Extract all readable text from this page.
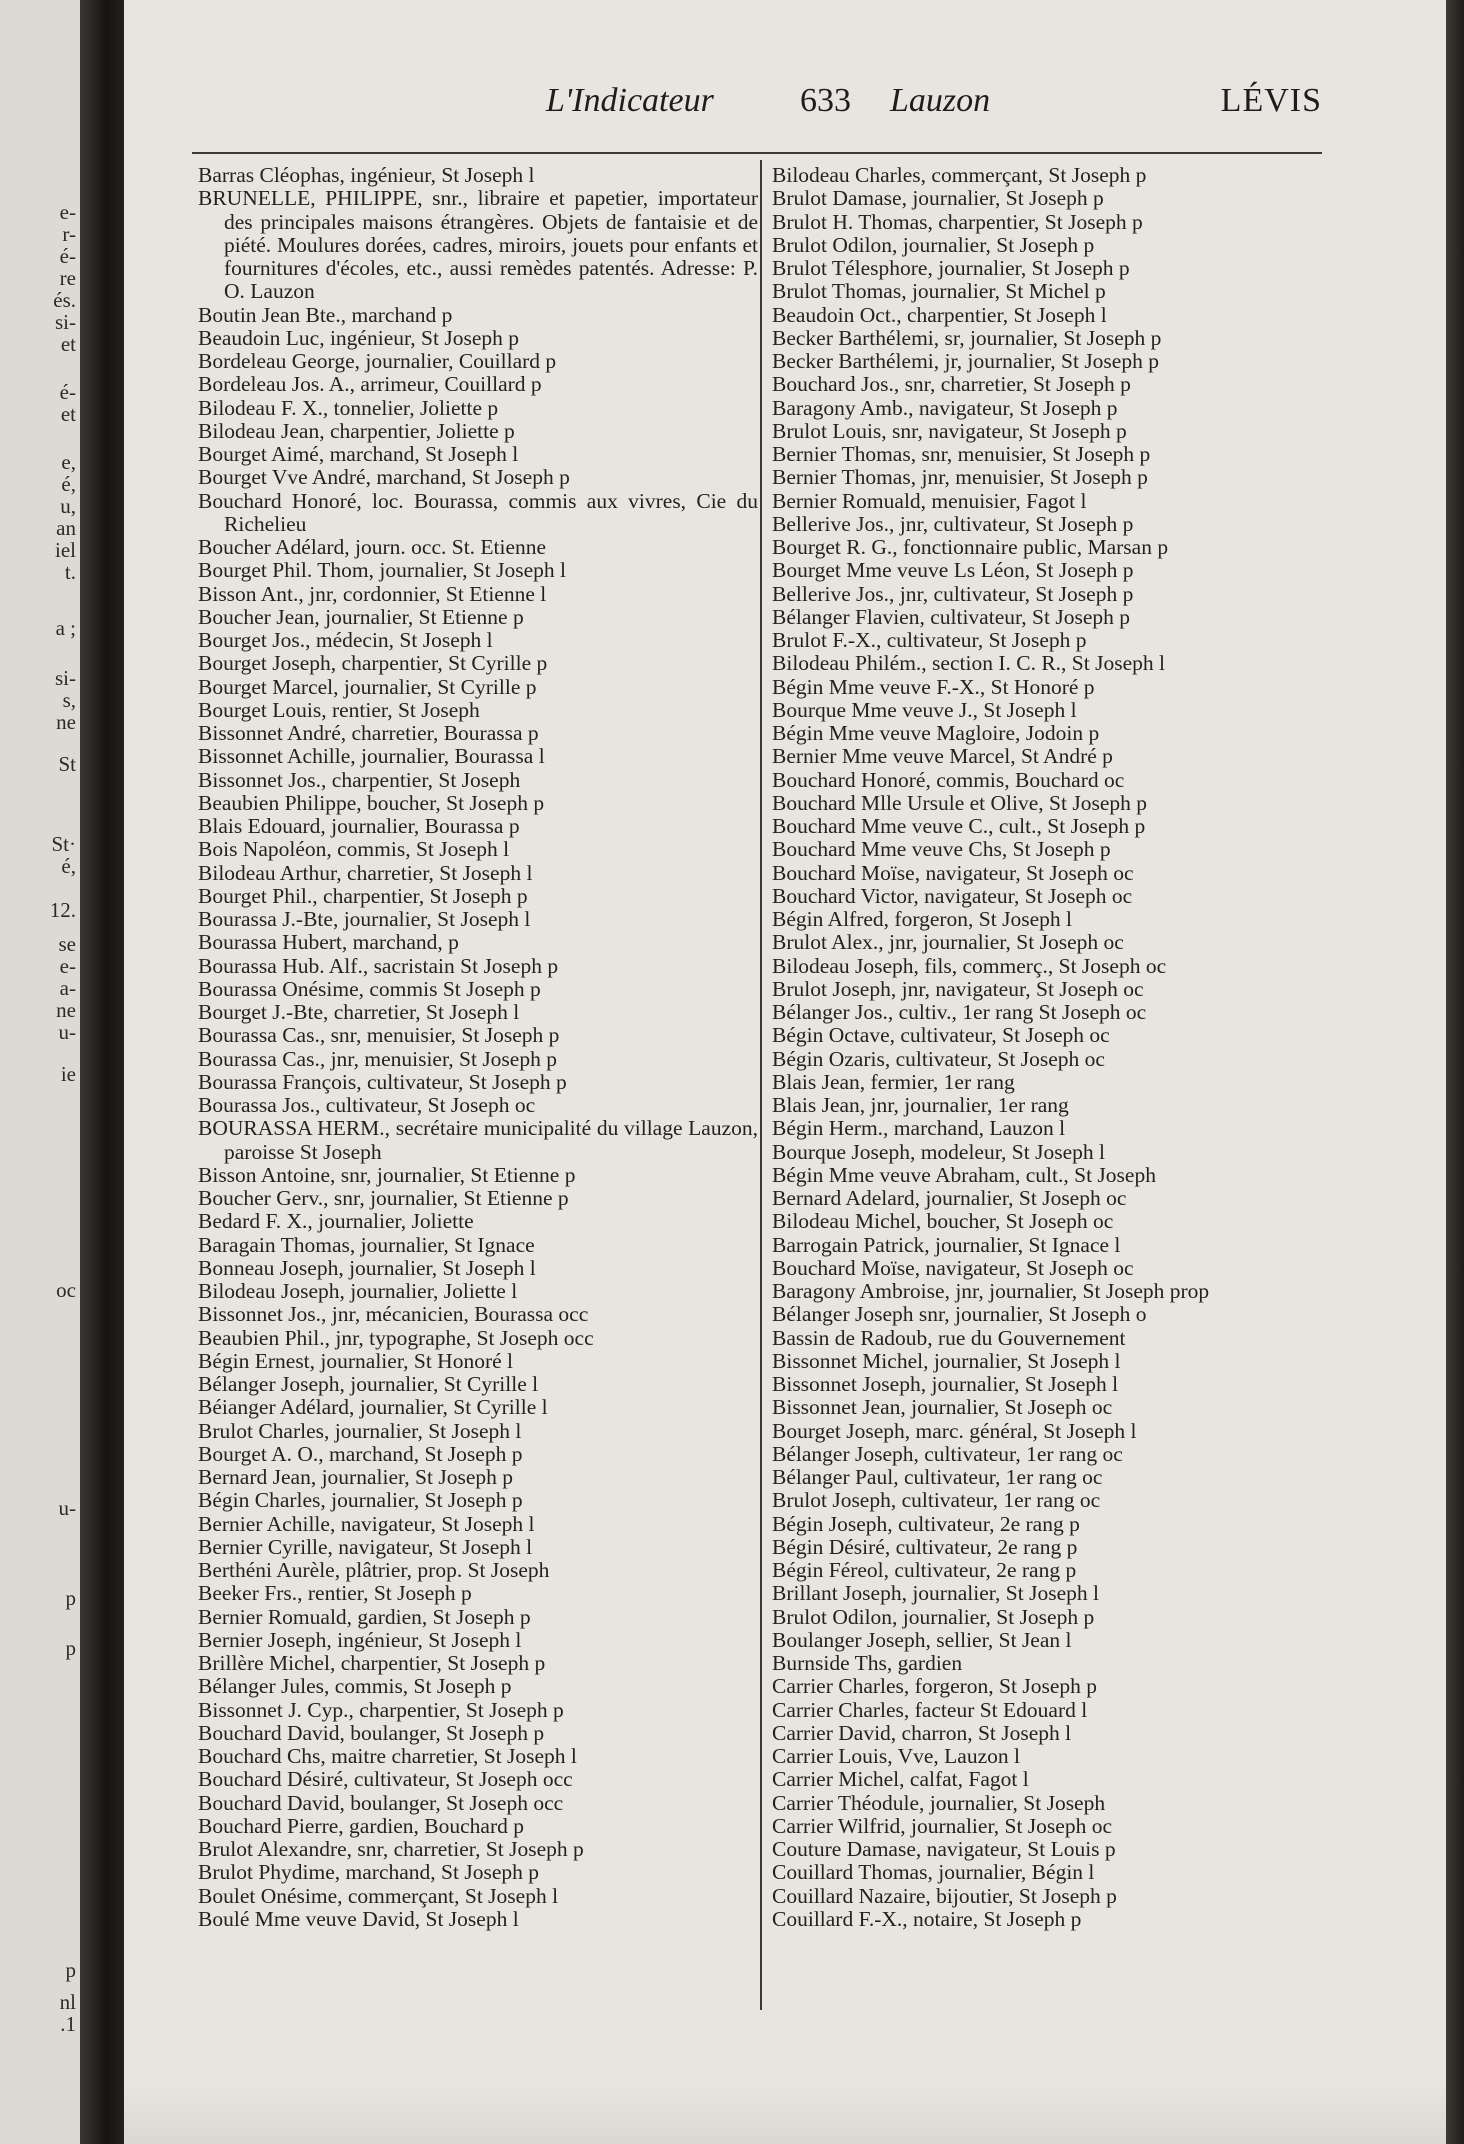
e-
r-
é-
re
és.
si-
et
é-
et
e,
é,
u,
an
iel
t.
a ;
si-
s,
ne
St
St·
é,
12.
se
e-
a-
ne
u-
ie
oc
u-
p
p
p
nl
.1
L'Indicateur	633 Lauzon	LÉVIS
Barras Cléophas, ingénieur, St Joseph l
BRUNELLE, PHILIPPE, snr., libraire et papetier, importateur des principales maisons étrangères. Objets de fantaisie et de piété. Moulures dorées, cadres, miroirs, jouets pour enfants et fournitures d'écoles, etc., aussi remèdes patentés. Adresse: P. O. Lauzon
Boutin Jean Bte., marchand p
Beaudoin Luc, ingénieur, St Joseph p
Bordeleau George, journalier, Couillard p
Bordeleau Jos. A., arrimeur, Couillard p
Bilodeau F. X., tonnelier, Joliette p
Bilodeau Jean, charpentier, Joliette p
Bourget Aimé, marchand, St Joseph l
Bourget Vve André, marchand, St Joseph p
Bouchard Honoré, loc. Bourassa, commis aux vivres, Cie du Richelieu
Boucher Adélard, journ. occ. St. Etienne
Bourget Phil. Thom, journalier, St Joseph l
Bisson Ant., jnr, cordonnier, St Etienne l
Boucher Jean, journalier, St Etienne p
Bourget Jos., médecin, St Joseph l
Bourget Joseph, charpentier, St Cyrille p
Bourget Marcel, journalier, St Cyrille p
Bourget Louis, rentier, St Joseph
Bissonnet André, charretier, Bourassa p
Bissonnet Achille, journalier, Bourassa l
Bissonnet Jos., charpentier, St Joseph
Beaubien Philippe, boucher, St Joseph p
Blais Edouard, journalier, Bourassa p
Bois Napoléon, commis, St Joseph l
Bilodeau Arthur, charretier, St Joseph l
Bourget Phil., charpentier, St Joseph p
Bourassa J.-Bte, journalier, St Joseph l
Bourassa Hubert, marchand, p
Bourassa Hub. Alf., sacristain St Joseph p
Bourassa Onésime, commis St Joseph p
Bourget J.-Bte, charretier, St Joseph l
Bourassa Cas., snr, menuisier, St Joseph p
Bourassa Cas., jnr, menuisier, St Joseph p
Bourassa François, cultivateur, St Joseph p
Bourassa Jos., cultivateur, St Joseph oc
BOURASSA HERM., secrétaire municipalité du village Lauzon, paroisse St Joseph
Bisson Antoine, snr, journalier, St Etienne p
Boucher Gerv., snr, journalier, St Etienne p
Bedard F. X., journalier, Joliette
Baragain Thomas, journalier, St Ignace
Bonneau Joseph, journalier, St Joseph l
Bilodeau Joseph, journalier, Joliette l
Bissonnet Jos., jnr, mécanicien, Bourassa occ
Beaubien Phil., jnr, typographe, St Joseph occ
Bégin Ernest, journalier, St Honoré l
Bélanger Joseph, journalier, St Cyrille l
Béianger Adélard, journalier, St Cyrille l
Brulot Charles, journalier, St Joseph l
Bourget A. O., marchand, St Joseph p
Bernard Jean, journalier, St Joseph p
Bégin Charles, journalier, St Joseph p
Bernier Achille, navigateur, St Joseph l
Bernier Cyrille, navigateur, St Joseph l
Berthéni Aurèle, plâtrier, prop. St Joseph
Beeker Frs., rentier, St Joseph p
Bernier Romuald, gardien, St Joseph p
Bernier Joseph, ingénieur, St Joseph l
Brillère Michel, charpentier, St Joseph p
Bélanger Jules, commis, St Joseph p
Bissonnet J. Cyp., charpentier, St Joseph p
Bouchard David, boulanger, St Joseph p
Bouchard Chs, maitre charretier, St Joseph l
Bouchard Désiré, cultivateur, St Joseph occ
Bouchard David, boulanger, St Joseph occ
Bouchard Pierre, gardien, Bouchard p
Brulot Alexandre, snr, charretier, St Joseph p
Brulot Phydime, marchand, St Joseph p
Boulet Onésime, commerçant, St Joseph l
Boulé Mme veuve David, St Joseph l
Bilodeau Charles, commerçant, St Joseph p
Brulot Damase, journalier, St Joseph p
Brulot H. Thomas, charpentier, St Joseph p
Brulot Odilon, journalier, St Joseph p
Brulot Télesphore, journalier, St Joseph p
Brulot Thomas, journalier, St Michel p
Beaudoin Oct., charpentier, St Joseph l
Becker Barthélemi, sr, journalier, St Joseph p
Becker Barthélemi, jr, journalier, St Joseph p
Bouchard Jos., snr, charretier, St Joseph p
Baragony Amb., navigateur, St Joseph p
Brulot Louis, snr, navigateur, St Joseph p
Bernier Thomas, snr, menuisier, St Joseph p
Bernier Thomas, jnr, menuisier, St Joseph p
Bernier Romuald, menuisier, Fagot l
Bellerive Jos., jnr, cultivateur, St Joseph p
Bourget R. G., fonctionnaire public, Marsan p
Bourget Mme veuve Ls Léon, St Joseph p
Bellerive Jos., jnr, cultivateur, St Joseph p
Bélanger Flavien, cultivateur, St Joseph p
Brulot F.-X., cultivateur, St Joseph p
Bilodeau Philém., section I. C. R., St Joseph l
Bégin Mme veuve F.-X., St Honoré p
Bourque Mme veuve J., St Joseph l
Bégin Mme veuve Magloire, Jodoin p
Bernier Mme veuve Marcel, St André p
Bouchard Honoré, commis, Bouchard oc
Bouchard Mlle Ursule et Olive, St Joseph p
Bouchard Mme veuve C., cult., St Joseph p
Bouchard Mme veuve Chs, St Joseph p
Bouchard Moïse, navigateur, St Joseph oc
Bouchard Victor, navigateur, St Joseph oc
Bégin Alfred, forgeron, St Joseph l
Brulot Alex., jnr, journalier, St Joseph oc
Bilodeau Joseph, fils, commerç., St Joseph oc
Brulot Joseph, jnr, navigateur, St Joseph oc
Bélanger Jos., cultiv., 1er rang St Joseph oc
Bégin Octave, cultivateur, St Joseph oc
Bégin Ozaris, cultivateur, St Joseph oc
Blais Jean, fermier, 1er rang
Blais Jean, jnr, journalier, 1er rang
Bégin Herm., marchand, Lauzon l
Bourque Joseph, modeleur, St Joseph l
Bégin Mme veuve Abraham, cult., St Joseph
Bernard Adelard, journalier, St Joseph oc
Bilodeau Michel, boucher, St Joseph oc
Barrogain Patrick, journalier, St Ignace l
Bouchard Moïse, navigateur, St Joseph oc
Baragony Ambroise, jnr, journalier, St Joseph prop
Bélanger Joseph snr, journalier, St Joseph o
Bassin de Radoub, rue du Gouvernement
Bissonnet Michel, journalier, St Joseph l
Bissonnet Joseph, journalier, St Joseph l
Bissonnet Jean, journalier, St Joseph oc
Bourget Joseph, marc. général, St Joseph l
Bélanger Joseph, cultivateur, 1er rang oc
Bélanger Paul, cultivateur, 1er rang oc
Brulot Joseph, cultivateur, 1er rang oc
Bégin Joseph, cultivateur, 2e rang p
Bégin Désiré, cultivateur, 2e rang p
Bégin Féreol, cultivateur, 2e rang p
Brillant Joseph, journalier, St Joseph l
Brulot Odilon, journalier, St Joseph p
Boulanger Joseph, sellier, St Jean l
Burnside Ths, gardien
Carrier Charles, forgeron, St Joseph p
Carrier Charles, facteur St Edouard l
Carrier David, charron, St Joseph l
Carrier Louis, Vve, Lauzon l
Carrier Michel, calfat, Fagot l
Carrier Théodule, journalier, St Joseph
Carrier Wilfrid, journalier, St Joseph oc
Couture Damase, navigateur, St Louis p
Couillard Thomas, journalier, Bégin l
Couillard Nazaire, bijoutier, St Joseph p
Couillard F.-X., notaire, St Joseph p
